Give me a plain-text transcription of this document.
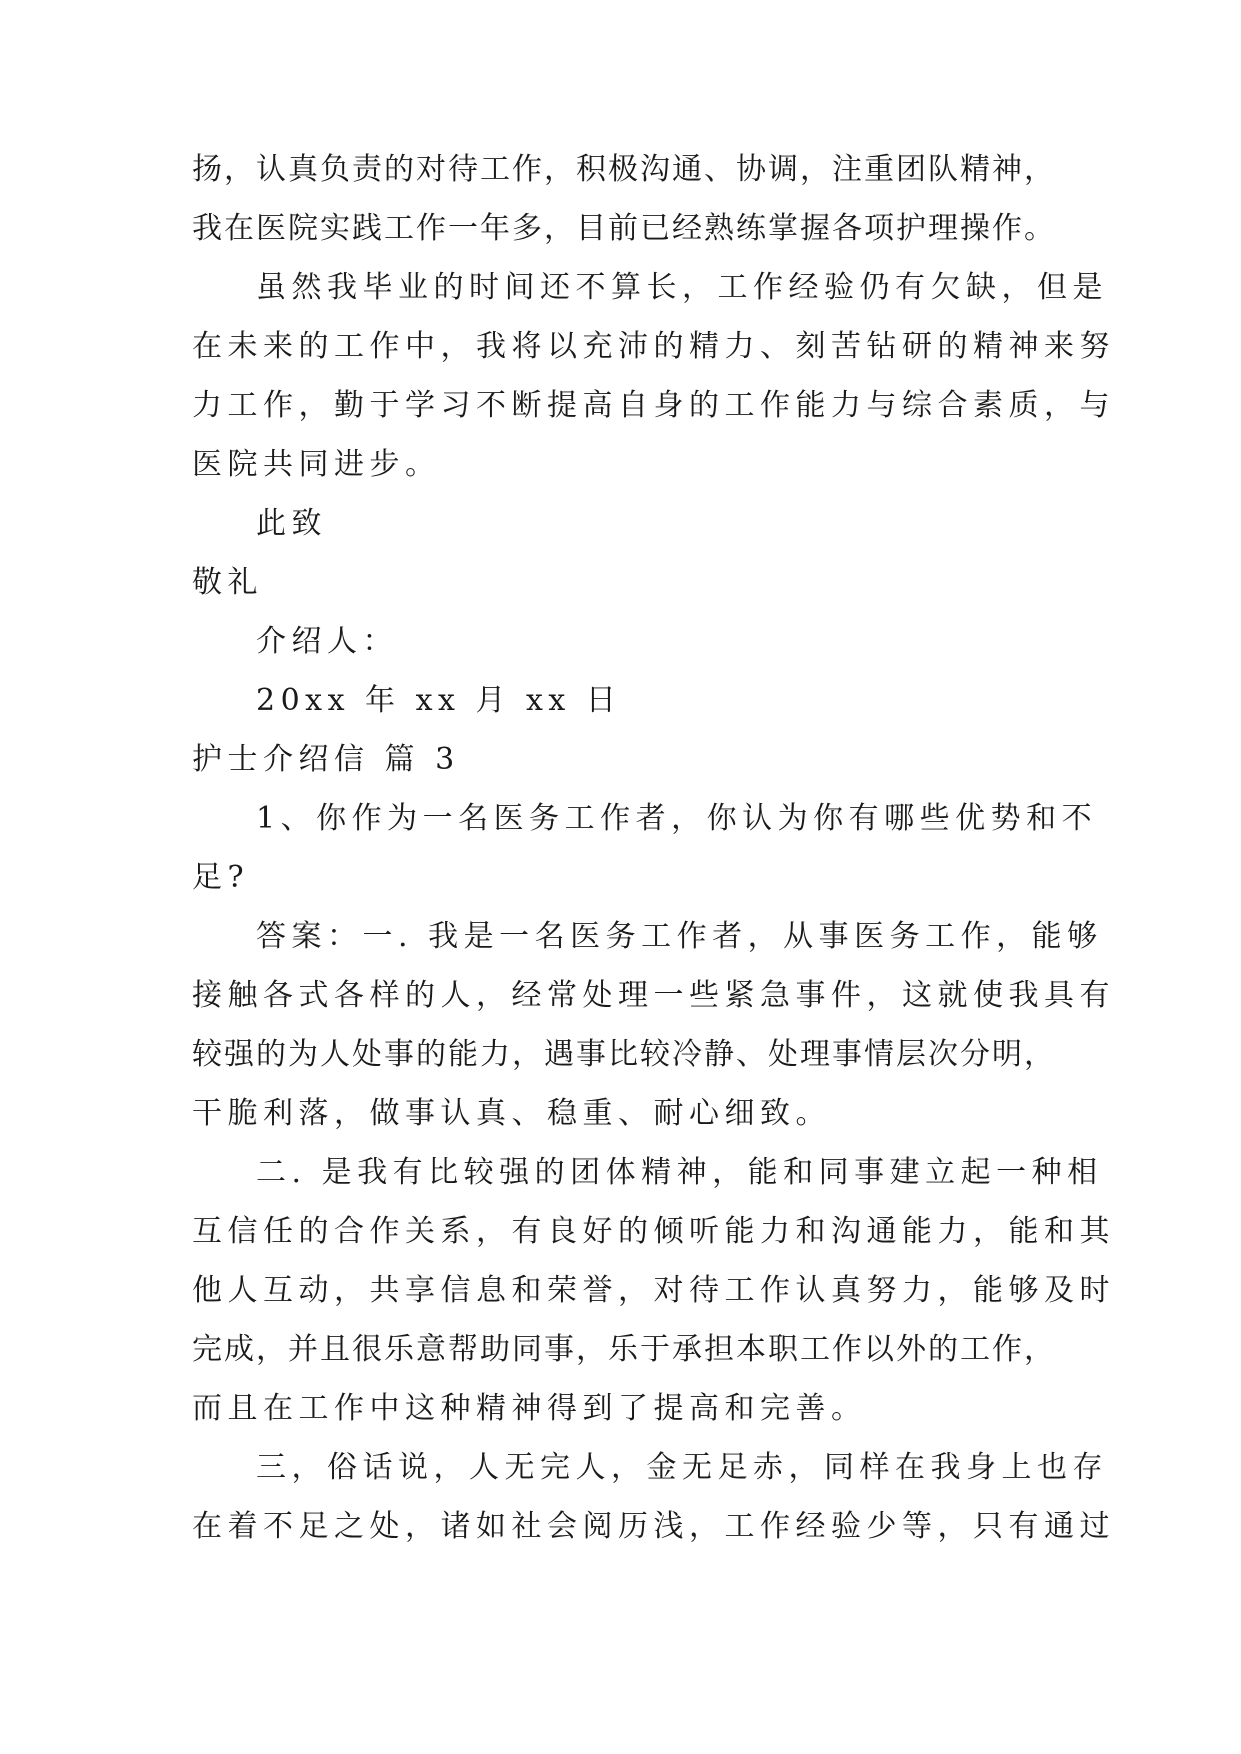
扬，认真负责的对待工作，积极沟通、协调，注重团队精神，
我在医院实践工作一年多，目前已经熟练掌握各项护理操作。
虽然我毕业的时间还不算长，工作经验仍有欠缺，但是
在未来的工作中，我将以充沛的精力、刻苦钻研的精神来努
力工作，勤于学习不断提高自身的工作能力与综合素质，与
医院共同进步。
此致
敬礼
介绍人：
20xx 年 xx 月 xx 日
护士介绍信 篇 3
1、你作为一名医务工作者，你认为你有哪些优势和不
足?
答案：一. 我是一名医务工作者，从事医务工作，能够
接触各式各样的人，经常处理一些紧急事件，这就使我具有
较强的为人处事的能力，遇事比较冷静、处理事情层次分明，
干脆利落，做事认真、稳重、耐心细致。
二. 是我有比较强的团体精神，能和同事建立起一种相
互信任的合作关系，有良好的倾听能力和沟通能力，能和其
他人互动，共享信息和荣誉，对待工作认真努力，能够及时
完成，并且很乐意帮助同事，乐于承担本职工作以外的工作，
而且在工作中这种精神得到了提高和完善。
三，俗话说，人无完人，金无足赤，同样在我身上也存
在着不足之处，诸如社会阅历浅，工作经验少等，只有通过
